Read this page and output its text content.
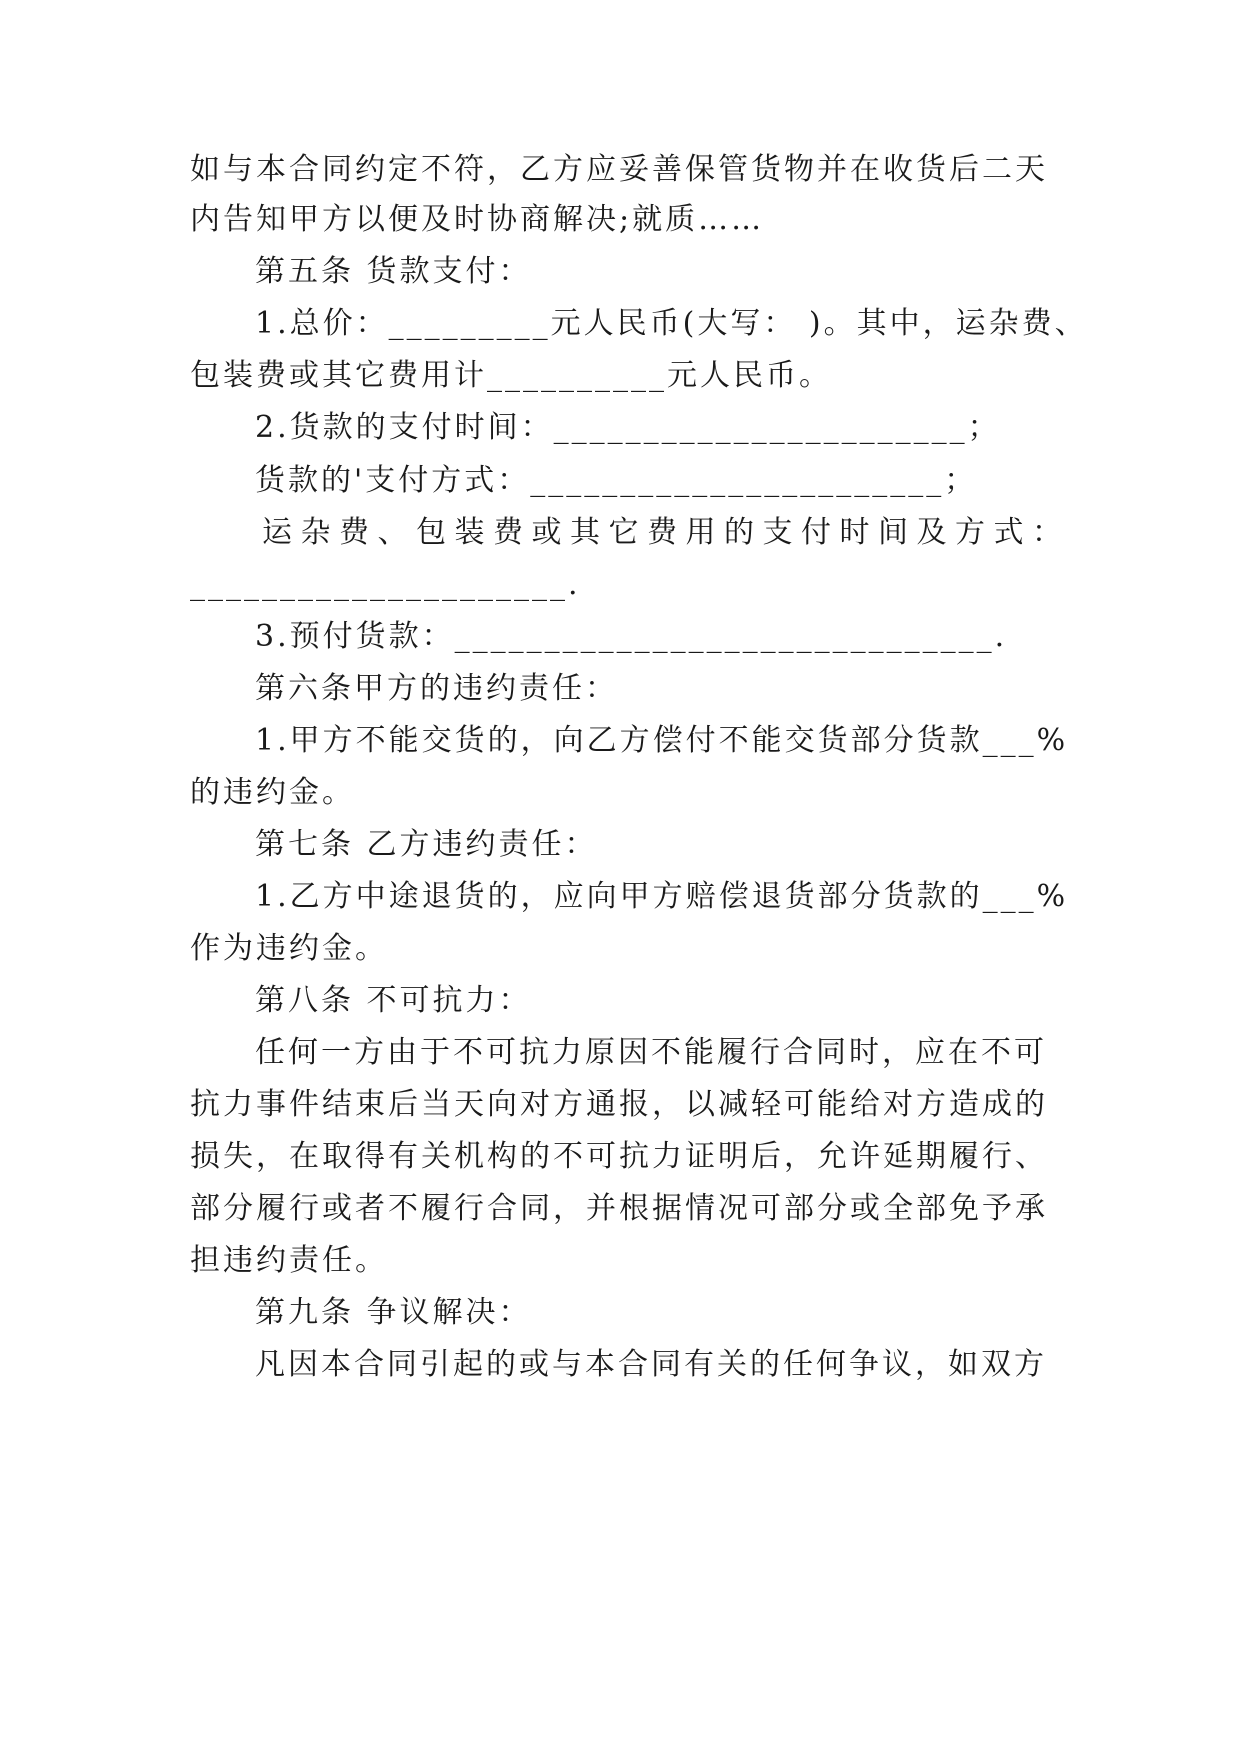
如与本合同约定不符，乙方应妥善保管货物并在收货后二天
内告知甲方以便及时协商解决;就质……
第五条 货款支付：
1.总价：_________元人民币(大写： )。其中，运杂费、
包装费或其它费用计__________元人民币。
2.货款的支付时间：_______________________；
货款的'支付方式：_______________________；
运杂费、包装费或其它费用的支付时间及方式：
_____________________.
3.预付货款：______________________________.
第六条甲方的违约责任：
1.甲方不能交货的，向乙方偿付不能交货部分货款___%
的违约金。
第七条 乙方违约责任：
1.乙方中途退货的，应向甲方赔偿退货部分货款的___%
作为违约金。
第八条 不可抗力：
任何一方由于不可抗力原因不能履行合同时，应在不可
抗力事件结束后当天向对方通报，以减轻可能给对方造成的
损失，在取得有关机构的不可抗力证明后，允许延期履行、
部分履行或者不履行合同，并根据情况可部分或全部免予承
担违约责任。
第九条 争议解决：
凡因本合同引起的或与本合同有关的任何争议，如双方
